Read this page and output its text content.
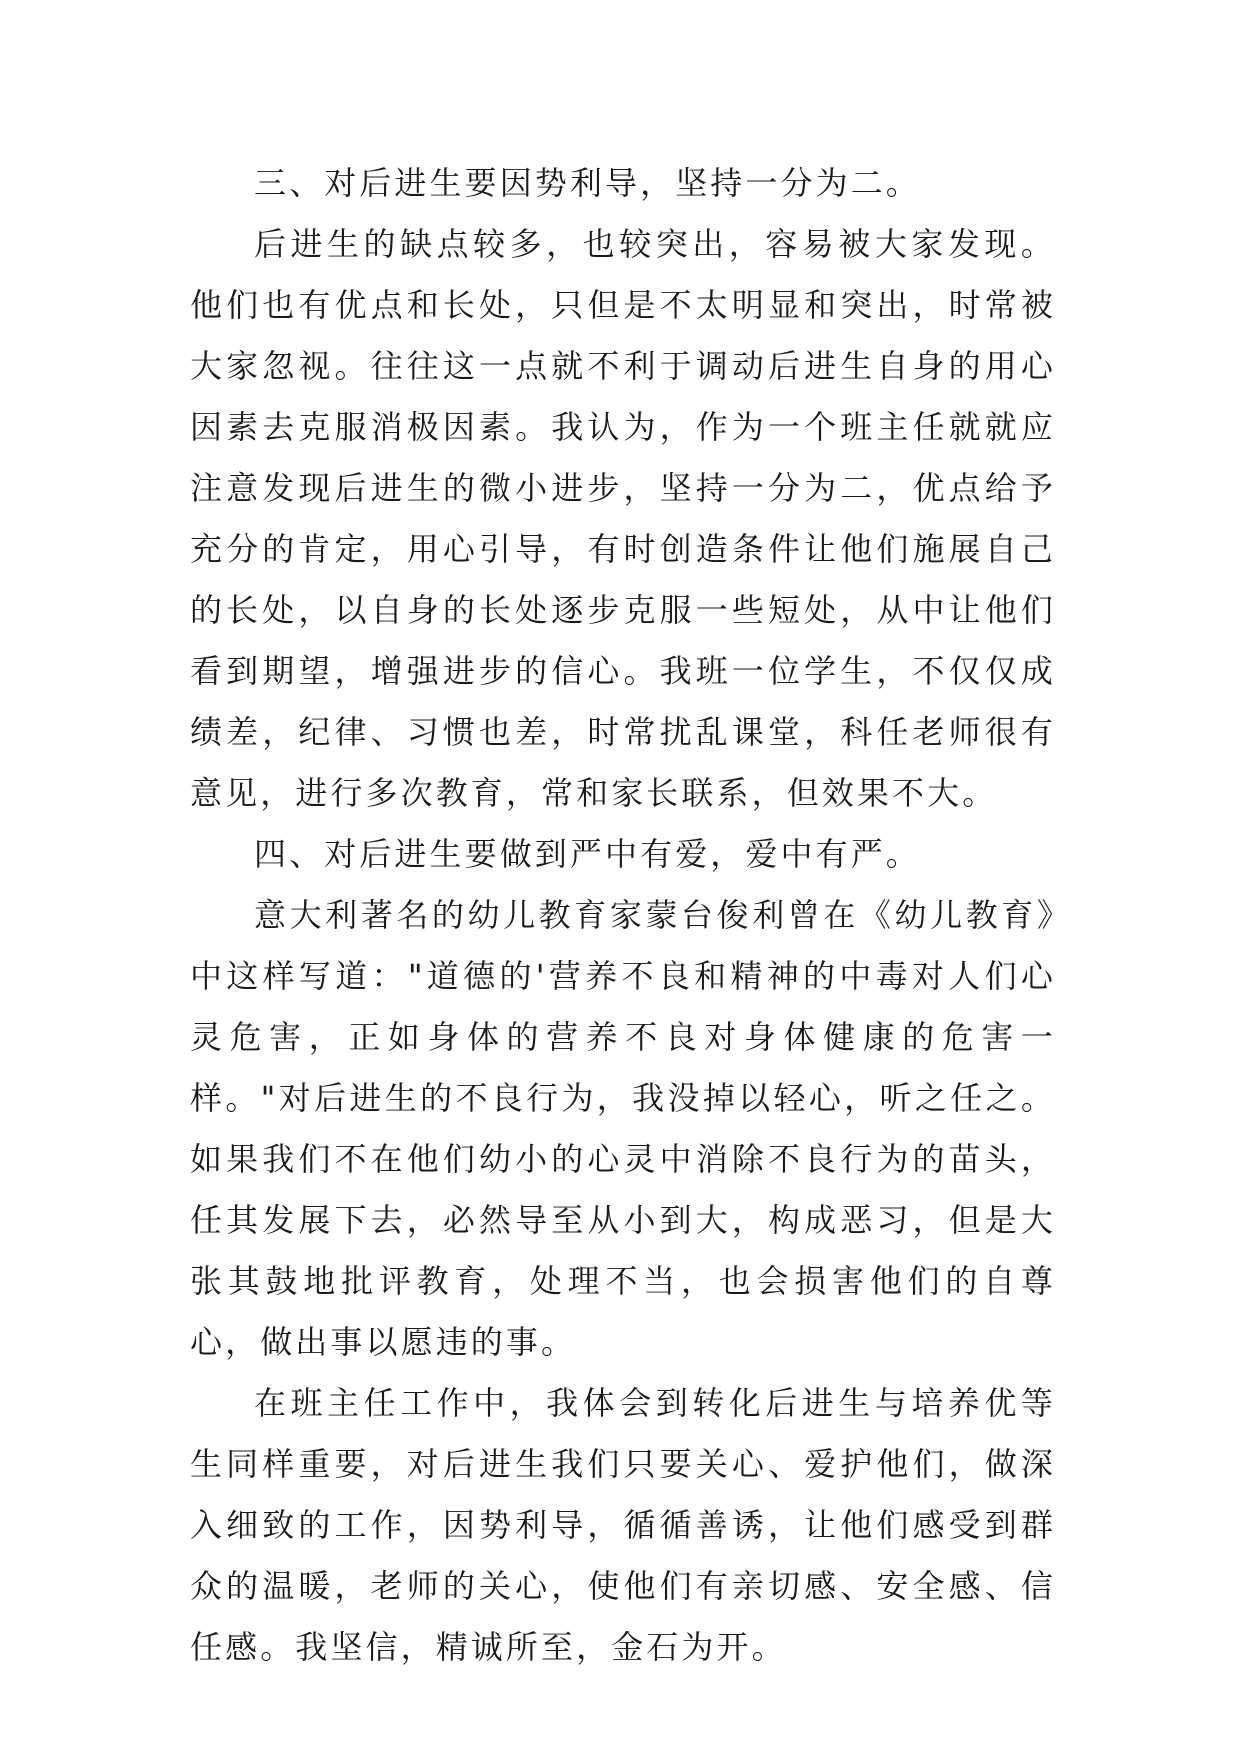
三、对后进生要因势利导，坚持一分为二。

后进生的缺点较多，也较突出，容易被大家发现。他们也有优点和长处，只但是不太明显和突出，时常被大家忽视。往往这一点就不利于调动后进生自身的用心因素去克服消极因素。我认为，作为一个班主任就就应注意发现后进生的微小进步，坚持一分为二，优点给予充分的肯定，用心引导，有时创造条件让他们施展自己的长处，以自身的长处逐步克服一些短处，从中让他们看到期望，增强进步的信心。我班一位学生，不仅仅成绩差，纪律、习惯也差，时常扰乱课堂，科任老师很有意见，进行多次教育，常和家长联系，但效果不大。

四、对后进生要做到严中有爱，爱中有严。

意大利著名的幼儿教育家蒙台俊利曾在《幼儿教育》中这样写道："道德的'营养不良和精神的中毒对人们心灵危害，正如身体的营养不良对身体健康的危害一样。"对后进生的不良行为，我没掉以轻心，听之任之。如果我们不在他们幼小的心灵中消除不良行为的苗头，任其发展下去，必然导至从小到大，构成恶习，但是大张其鼓地批评教育，处理不当，也会损害他们的自尊心，做出事以愿违的事。

在班主任工作中，我体会到转化后进生与培养优等生同样重要，对后进生我们只要关心、爱护他们，做深入细致的工作，因势利导，循循善诱，让他们感受到群众的温暖，老师的关心，使他们有亲切感、安全感、信任感。我坚信，精诚所至，金石为开。
